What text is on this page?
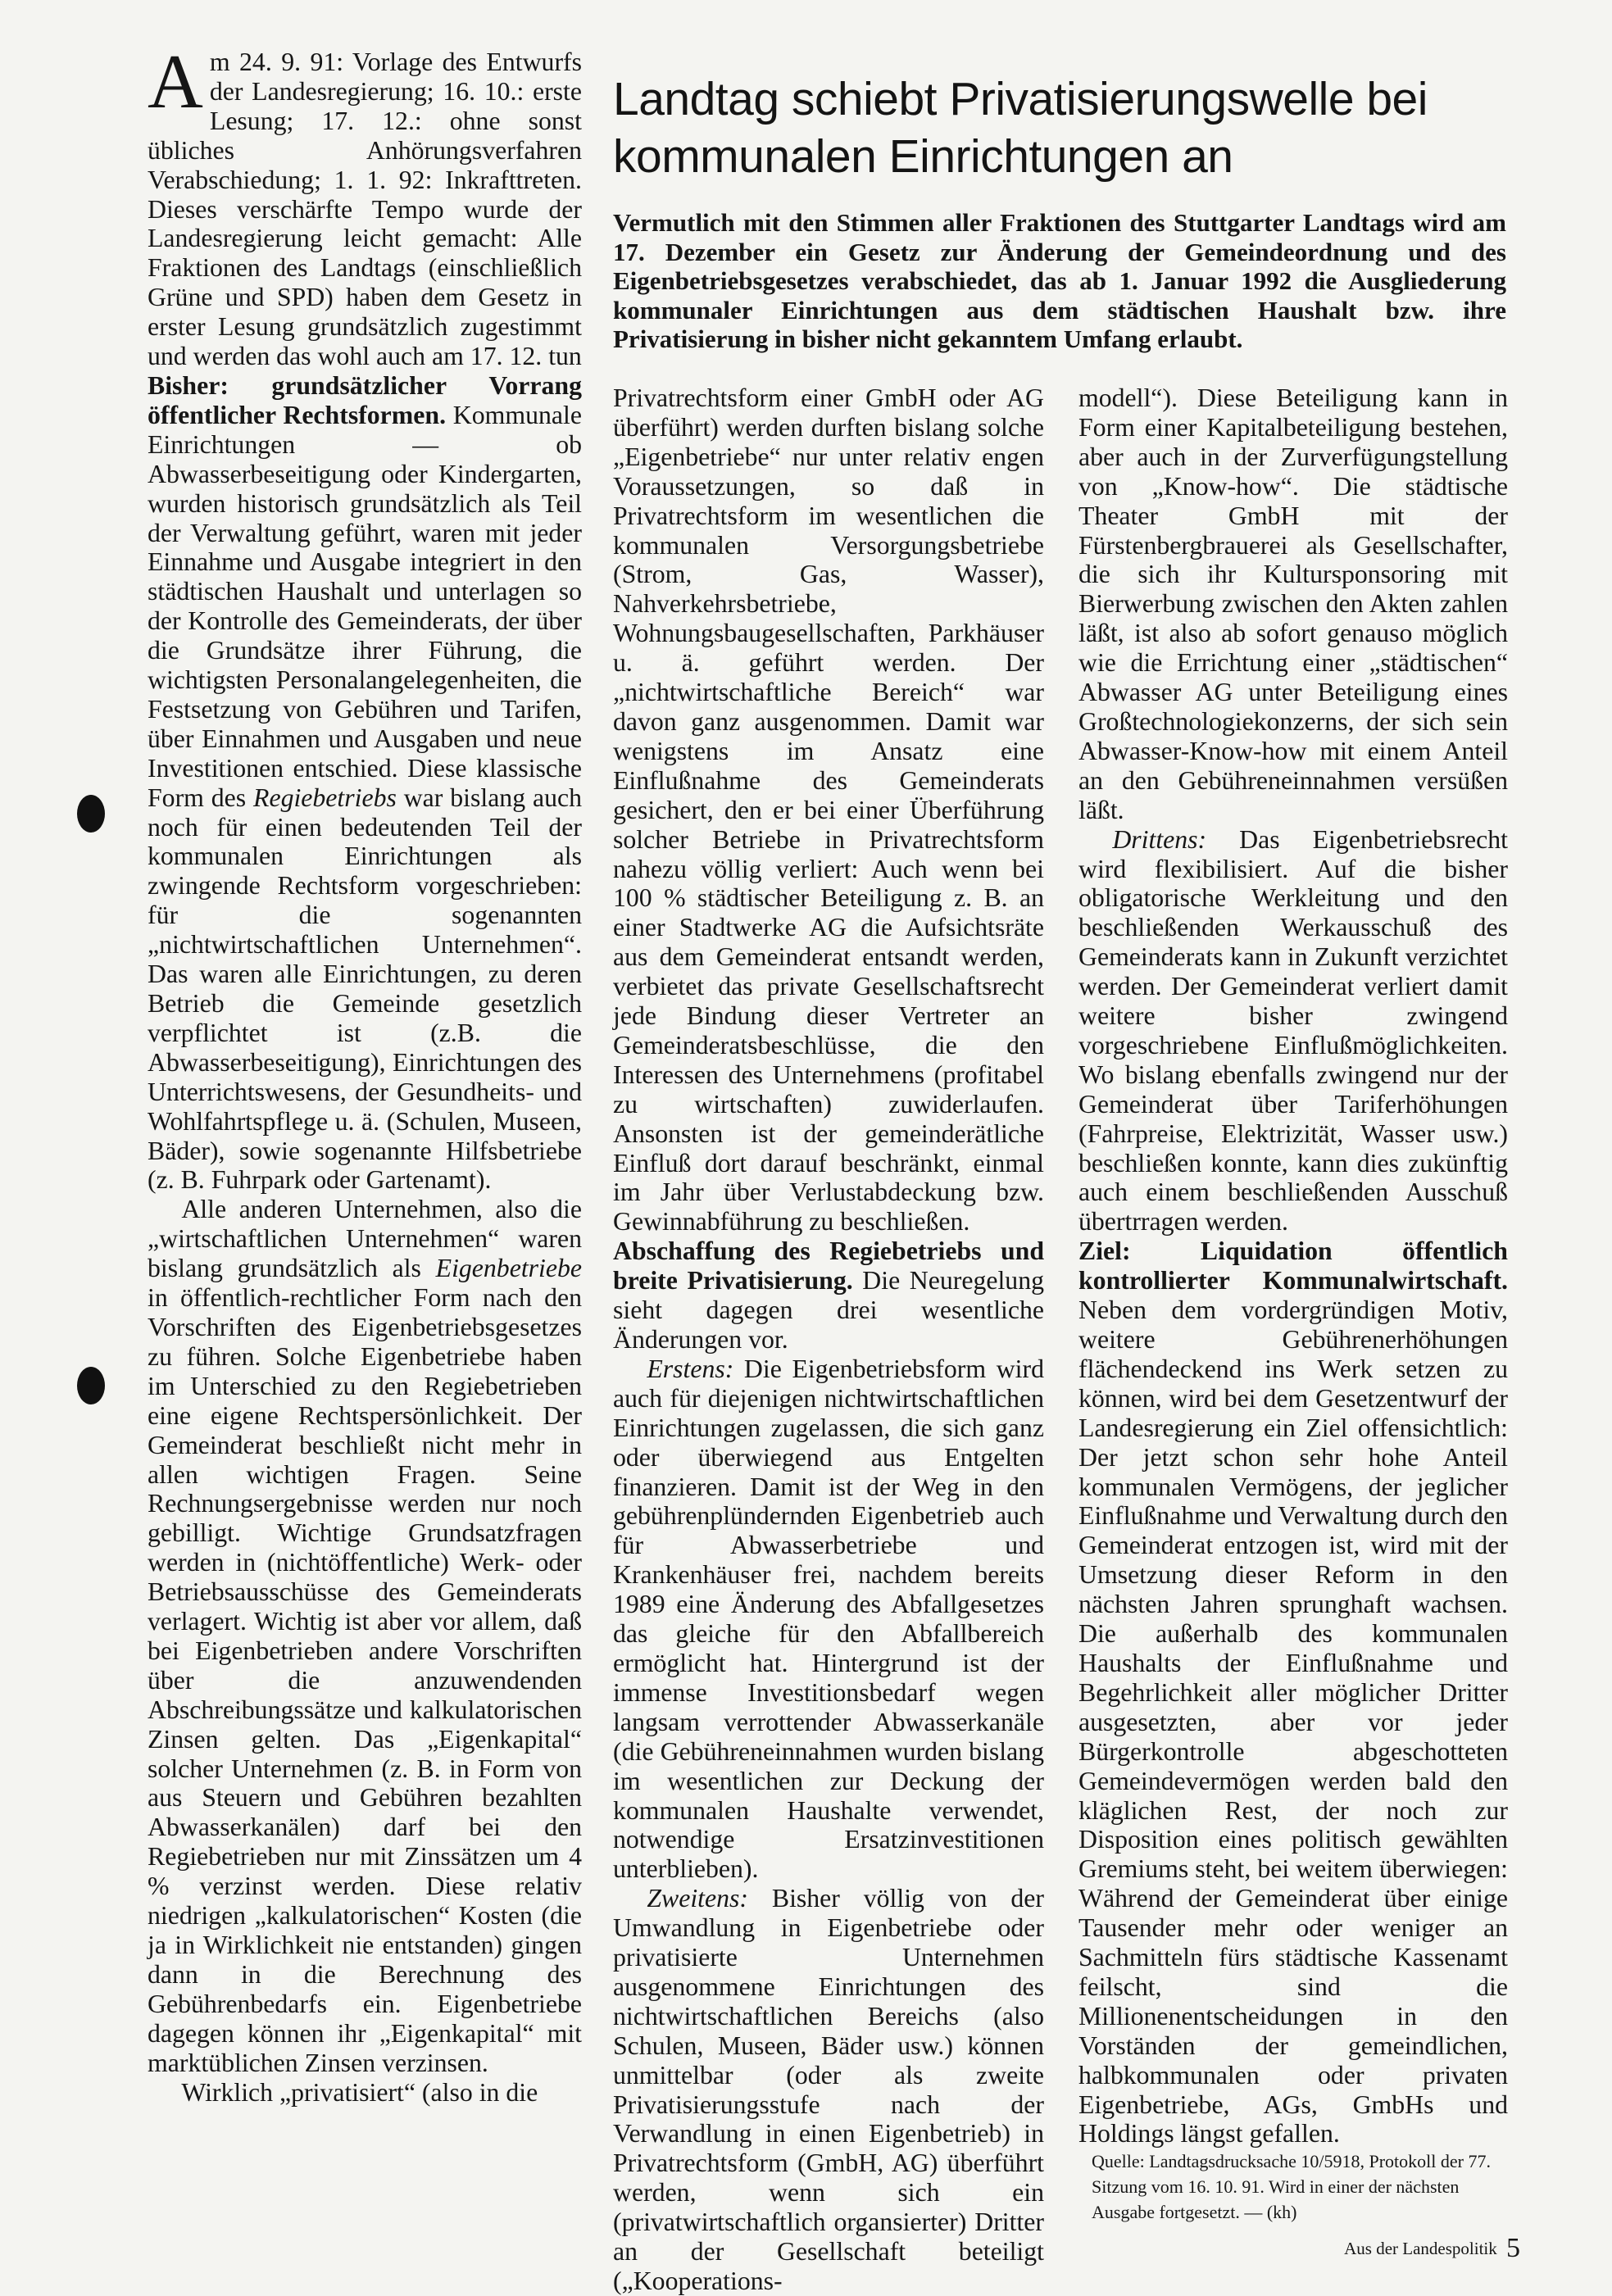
Am 24. 9. 91: Vorlage des Entwurfs der Landesregierung; 16. 10.: erste Lesung; 17. 12.: ohne sonst übliches Anhörungsverfahren Verabschiedung; 1. 1. 92: Inkrafttreten. Dieses verschärfte Tempo wurde der Landesregierung leicht gemacht: Alle Fraktionen des Landtags (einschließlich Grüne und SPD) haben dem Gesetz in erster Lesung grundsätzlich zugestimmt und werden das wohl auch am 17. 12. tun

Bisher: grundsätzlicher Vorrang öffentlicher Rechtsformen. Kommunale Einrichtungen — ob Abwasserbeseitigung oder Kindergarten, wurden historisch grundsätzlich als Teil der Verwaltung geführt, waren mit jeder Einnahme und Ausgabe integriert in den städtischen Haushalt und unterlagen so der Kontrolle des Gemeinderats, der über die Grundsätze ihrer Führung, die wichtigsten Personalangelegenheiten, die Festsetzung von Gebühren und Tarifen, über Einnahmen und Ausgaben und neue Investitionen entschied. Diese klassische Form des Regiebetriebs war bislang auch noch für einen bedeutenden Teil der kommunalen Einrichtungen als zwingende Rechtsform vorgeschrieben: für die sogenannten „nichtwirtschaftlichen Unternehmen“. Das waren alle Einrichtungen, zu deren Betrieb die Gemeinde gesetzlich verpflichtet ist (z.B. die Abwasserbeseitigung), Einrichtungen des Unterrichtswesens, der Gesundheits- und Wohlfahrtspflege u. ä. (Schulen, Museen, Bäder), sowie sogenannte Hilfsbetriebe (z. B. Fuhrpark oder Gartenamt).

Alle anderen Unternehmen, also die „wirtschaftlichen Unternehmen“ waren bislang grundsätzlich als Eigenbetriebe in öffentlich-rechtlicher Form nach den Vorschriften des Eigenbetriebsgesetzes zu führen. Solche Eigenbetriebe haben im Unterschied zu den Regiebetrieben eine eigene Rechtspersönlichkeit. Der Gemeinderat beschließt nicht mehr in allen wichtigen Fragen. Seine Rechnungsergebnisse werden nur noch gebilligt. Wichtige Grundsatzfragen werden in (nichtöffentliche) Werk- oder Betriebsausschüsse des Gemeinderats verlagert. Wichtig ist aber vor allem, daß bei Eigenbetrieben andere Vorschriften über die anzuwendenden Abschreibungssätze und kalkulatorischen Zinsen gelten. Das „Eigenkapital“ solcher Unternehmen (z. B. in Form von aus Steuern und Gebühren bezahlten Abwasserkanälen) darf bei den Regiebetrieben nur mit Zinssätzen um 4 % verzinst werden. Diese relativ niedrigen „kalkulatorischen“ Kosten (die ja in Wirklichkeit nie entstanden) gingen dann in die Berechnung des Gebührenbedarfs ein. Eigenbetriebe dagegen können ihr „Eigenkapital“ mit marktüblichen Zinsen verzinsen.

Wirklich „privatisiert“ (also in die

Landtag schiebt Privatisierungswelle bei kommunalen Einrichtungen an
Vermutlich mit den Stimmen aller Fraktionen des Stuttgarter Landtags wird am 17. Dezember ein Gesetz zur Änderung der Gemeindeordnung und des Eigenbetriebsgesetzes verabschiedet, das ab 1. Januar 1992 die Ausgliederung kommunaler Einrichtungen aus dem städtischen Haushalt bzw. ihre Privatisierung in bisher nicht gekanntem Umfang erlaubt.

Privatrechtsform einer GmbH oder AG überführt) werden durften bislang solche „Eigenbetriebe“ nur unter relativ engen Voraussetzungen, so daß in Privatrechtsform im wesentlichen die kommunalen Versorgungsbetriebe (Strom, Gas, Wasser), Nahverkehrsbetriebe, Wohnungsbaugesellschaften, Parkhäuser u. ä. geführt werden. Der „nichtwirtschaftliche Bereich“ war davon ganz ausgenommen. Damit war wenigstens im Ansatz eine Einflußnahme des Gemeinderats gesichert, den er bei einer Überführung solcher Betriebe in Privatrechtsform nahezu völlig verliert: Auch wenn bei 100 % städtischer Beteiligung z. B. an einer Stadtwerke AG die Aufsichtsräte aus dem Gemeinderat entsandt werden, verbietet das private Gesellschaftsrecht jede Bindung dieser Vertreter an Gemeinderatsbeschlüsse, die den Interessen des Unternehmens (profitabel zu wirtschaften) zuwiderlaufen. Ansonsten ist der gemeinderätliche Einfluß dort darauf beschränkt, einmal im Jahr über Verlustabdeckung bzw. Gewinnabführung zu beschließen.

Abschaffung des Regiebetriebs und breite Privatisierung. Die Neuregelung sieht dagegen drei wesentliche Änderungen vor.

Erstens: Die Eigenbetriebsform wird auch für diejenigen nichtwirtschaftlichen Einrichtungen zugelassen, die sich ganz oder überwiegend aus Entgelten finanzieren. Damit ist der Weg in den gebührenplündernden Eigenbetrieb auch für Abwasserbetriebe und Krankenhäuser frei, nachdem bereits 1989 eine Änderung des Abfallgesetzes das gleiche für den Abfallbereich ermöglicht hat. Hintergrund ist der immense Investitionsbedarf wegen langsam verrottender Abwasserkanäle (die Gebühreneinnahmen wurden bislang im wesentlichen zur Deckung der kommunalen Haushalte verwendet, notwendige Ersatzinvestitionen unterblieben).

Zweitens: Bisher völlig von der Umwandlung in Eigenbetriebe oder privatisierte Unternehmen ausgenommene Einrichtungen des nichtwirtschaftlichen Bereichs (also Schulen, Museen, Bäder usw.) können unmittelbar (oder als zweite Privatisierungsstufe nach der Verwandlung in einen Eigenbetrieb) in Privatrechtsform (GmbH, AG) überführt werden, wenn sich ein (privatwirtschaftlich organsierter) Dritter an der Gesellschaft beteiligt („Kooperations-

modell“). Diese Beteiligung kann in Form einer Kapitalbeteiligung bestehen, aber auch in der Zurverfügungstellung von „Know-how“. Die städtische Theater GmbH mit der Fürstenbergbrauerei als Gesellschafter, die sich ihr Kultursponsoring mit Bierwerbung zwischen den Akten zahlen läßt, ist also ab sofort genauso möglich wie die Errichtung einer „städtischen“ Abwasser AG unter Beteiligung eines Großtechnologiekonzerns, der sich sein Abwasser-Know-how mit einem Anteil an den Gebühreneinnahmen versüßen läßt.

Drittens: Das Eigenbetriebsrecht wird flexibilisiert. Auf die bisher obligatorische Werkleitung und den beschließenden Werkausschuß des Gemeinderats kann in Zukunft verzichtet werden. Der Gemeinderat verliert damit weitere bisher zwingend vorgeschriebene Einflußmöglichkeiten. Wo bislang ebenfalls zwingend nur der Gemeinderat über Tariferhöhungen (Fahrpreise, Elektrizität, Wasser usw.) beschließen konnte, kann dies zukünftig auch einem beschließenden Ausschuß übertrragen werden.

Ziel: Liquidation öffentlich kontrollierter Kommunalwirtschaft. Neben dem vordergründigen Motiv, weitere Gebührenerhöhungen flächendeckend ins Werk setzen zu können, wird bei dem Gesetzentwurf der Landesregierung ein Ziel offensichtlich: Der jetzt schon sehr hohe Anteil kommunalen Vermögens, der jeglicher Einflußnahme und Verwaltung durch den Gemeinderat entzogen ist, wird mit der Umsetzung dieser Reform in den nächsten Jahren sprunghaft wachsen. Die außerhalb des kommunalen Haushalts der Einflußnahme und Begehrlichkeit aller möglicher Dritter ausgesetzten, aber vor jeder Bürgerkontrolle abgeschotteten Gemeindevermögen werden bald den kläglichen Rest, der noch zur Disposition eines politisch gewählten Gremiums steht, bei weitem überwiegen: Während der Gemeinderat über einige Tausender mehr oder weniger an Sachmitteln fürs städtische Kassenamt feilscht, sind die Millionenentscheidungen in den Vorständen der gemeindlichen, halbkommunalen oder privaten Eigenbetriebe, AGs, GmbHs und Holdings längst gefallen.

Quelle: Landtagsdrucksache 10/5918, Protokoll der 77. Sitzung vom 16. 10. 91. Wird in einer der nächsten Ausgabe fortgesetzt. — (kh)

Aus der Landespolitik 5
